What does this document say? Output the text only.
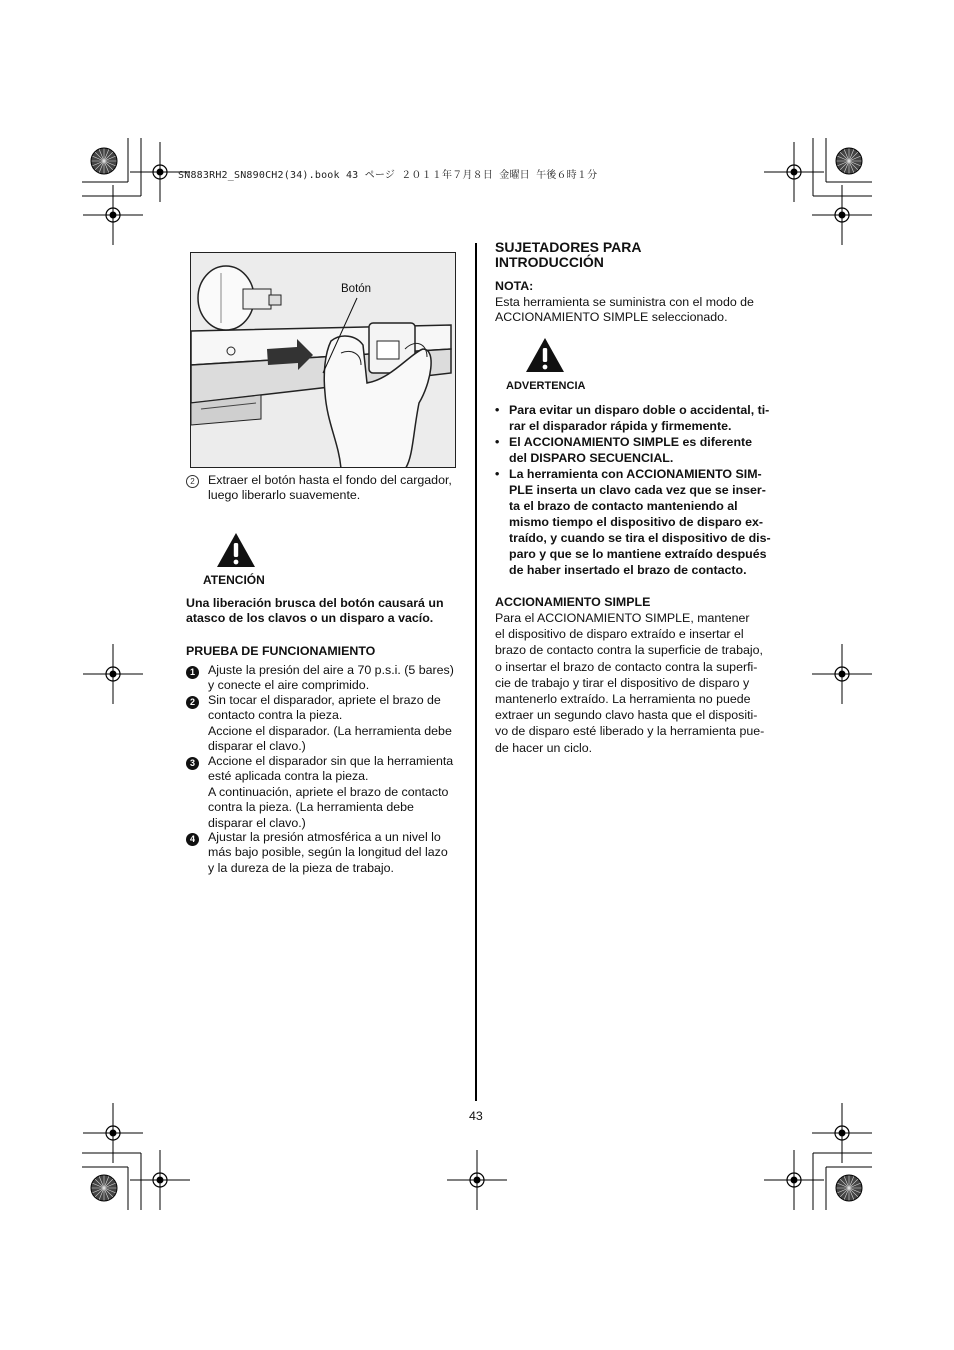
SN883RH2_SN890CH2(34).book 43 ページ ２０１１年７月８日 金曜日 午後６時１分
Botón
2	Extraer el botón hasta el fondo del cargador, luego liberarlo suavemente.
ATENCIÓN
Una liberación brusca del botón causará un atasco de los clavos o un disparo a vacío.
PRUEBA DE FUNCIONAMIENTO
1	Ajuste la presión del aire a 70 p.s.i. (5 bares)
y conecte el aire comprimido.
2	Sin tocar el disparador, apriete el brazo de
contacto contra la pieza.
Accione el disparador. (La herramienta debe
disparar el clavo.)
3	Accione el disparador sin que la herramienta
esté aplicada contra la pieza.
A continuación, apriete el brazo de contacto
contra la pieza. (La herramienta debe
disparar el clavo.)
4	Ajustar la presión atmosférica a un nivel lo
más bajo posible, según la longitud del lazo
y la dureza de la pieza de trabajo.
SUJETADORES PARA
INTRODUCCIÓN
NOTA:
Esta herramienta se suministra con el modo de
ACCIONAMIENTO SIMPLE seleccionado.
ADVERTENCIA
• Para evitar un disparo doble o accidental, ti-
rar el disparador rápida y firmemente.
• El ACCIONAMIENTO SIMPLE es diferente
del DISPARO SECUENCIAL.
• La herramienta con ACCIONAMIENTO SIM-
PLE inserta un clavo cada vez que se inser-
ta el brazo de contacto manteniendo al
mismo tiempo el dispositivo de disparo ex-
traído, y cuando se tira el dispositivo de dis-
paro y que se lo mantiene extraído después
de haber insertado el brazo de contacto.
ACCIONAMIENTO SIMPLE
Para el ACCIONAMIENTO SIMPLE, mantener
el dispositivo de disparo extraído e insertar el
brazo de contacto contra la superficie de trabajo,
o insertar el brazo de contacto contra la superfi-
cie de trabajo y tirar el dispositivo de disparo y
mantenerlo extraído. La herramienta no puede
extraer un segundo clavo hasta que el dispositi-
vo de disparo esté liberado y la herramienta pue-
de hacer un ciclo.
43
